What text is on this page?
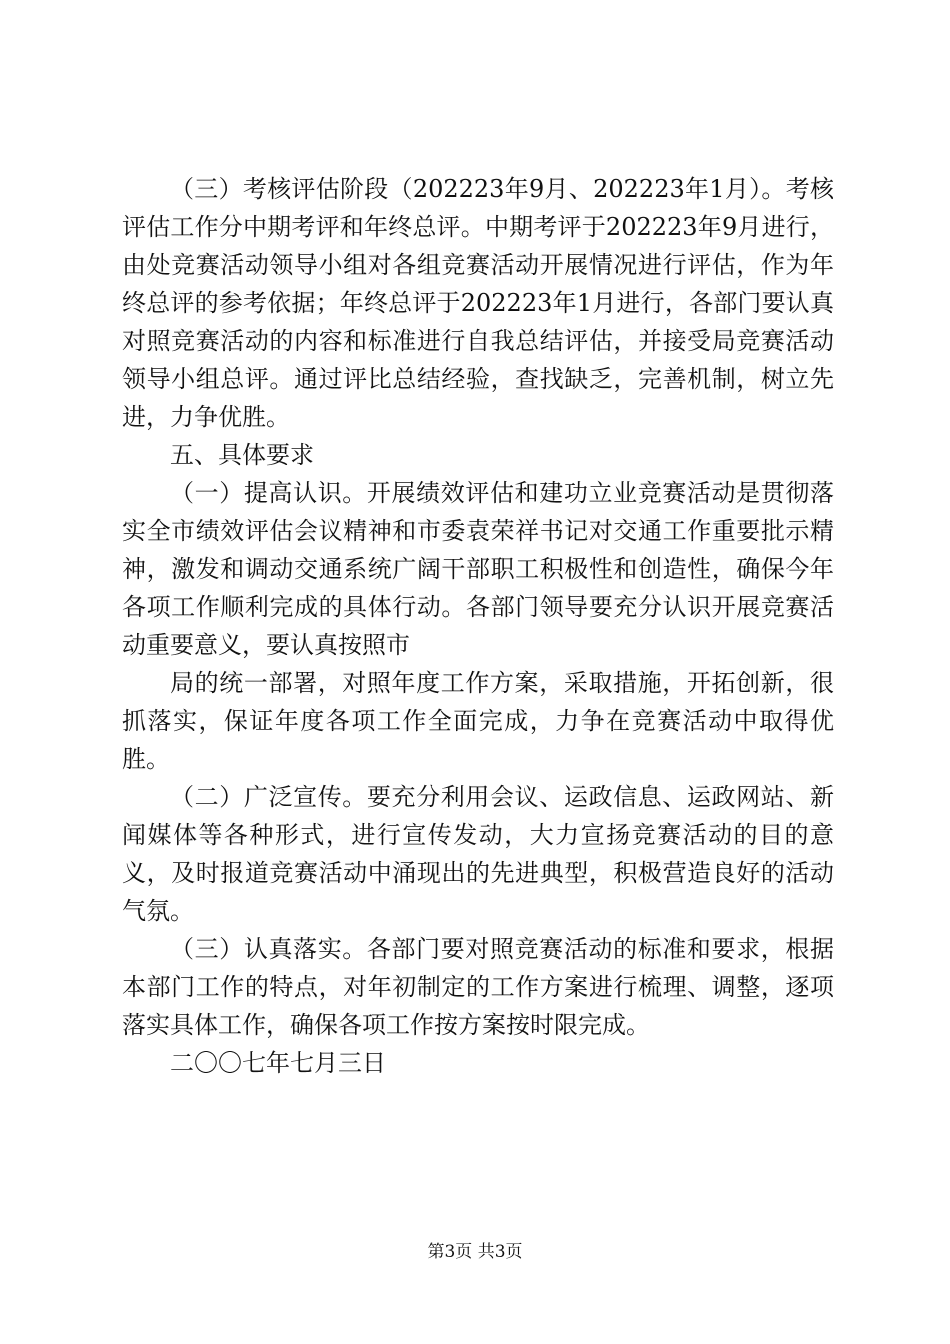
（三）考核评估阶段（202223年9月、202223年1月）。考核评估工作分中期考评和年终总评。中期考评于202223年9月进行，由处竞赛活动领导小组对各组竞赛活动开展情况进行评估，作为年终总评的参考依据；年终总评于202223年1月进行，各部门要认真对照竞赛活动的内容和标准进行自我总结评估，并接受局竞赛活动领导小组总评。通过评比总结经验，查找缺乏，完善机制，树立先进，力争优胜。

五、具体要求

（一）提高认识。开展绩效评估和建功立业竞赛活动是贯彻落实全市绩效评估会议精神和市委袁荣祥书记对交通工作重要批示精神，激发和调动交通系统广阔干部职工积极性和创造性，确保今年各项工作顺利完成的具体行动。各部门领导要充分认识开展竞赛活动重要意义，要认真按照市

局的统一部署，对照年度工作方案，采取措施，开拓创新，很抓落实，保证年度各项工作全面完成，力争在竞赛活动中取得优胜。

（二）广泛宣传。要充分利用会议、运政信息、运政网站、新闻媒体等各种形式，进行宣传发动，大力宣扬竞赛活动的目的意义，及时报道竞赛活动中涌现出的先进典型，积极营造良好的活动气氛。

（三）认真落实。各部门要对照竞赛活动的标准和要求，根据本部门工作的特点，对年初制定的工作方案进行梳理、调整，逐项落实具体工作，确保各项工作按方案按时限完成。

二〇〇七年七月三日

第3页 共3页
